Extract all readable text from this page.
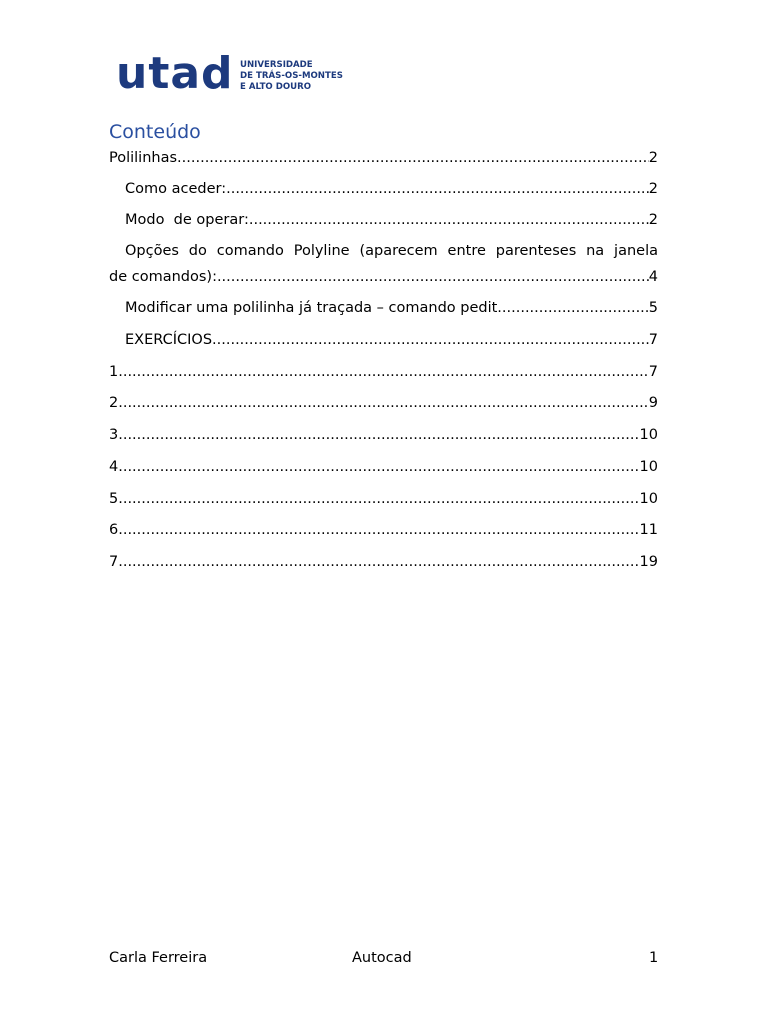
utad UNIVERSIDADE
DE TRÁS-OS-MONTES
E ALTO DOURO
Conteúdo
Polilinhas .....	2
Como aceder: .....	2
Modo  de operar: .....	2
Opções do comando Polyline (aparecem entre parenteses na janela
de comandos): .....	4
Modificar uma polilinha já traçada – comando pedit .....	5
EXERCÍCIOS .....	7
1 .....	7
2 .....	9
3 .....	10
4 .....	10
5 .....	10
6 .....	11
7 .....	19
Carla Ferreira	Autocad	1
